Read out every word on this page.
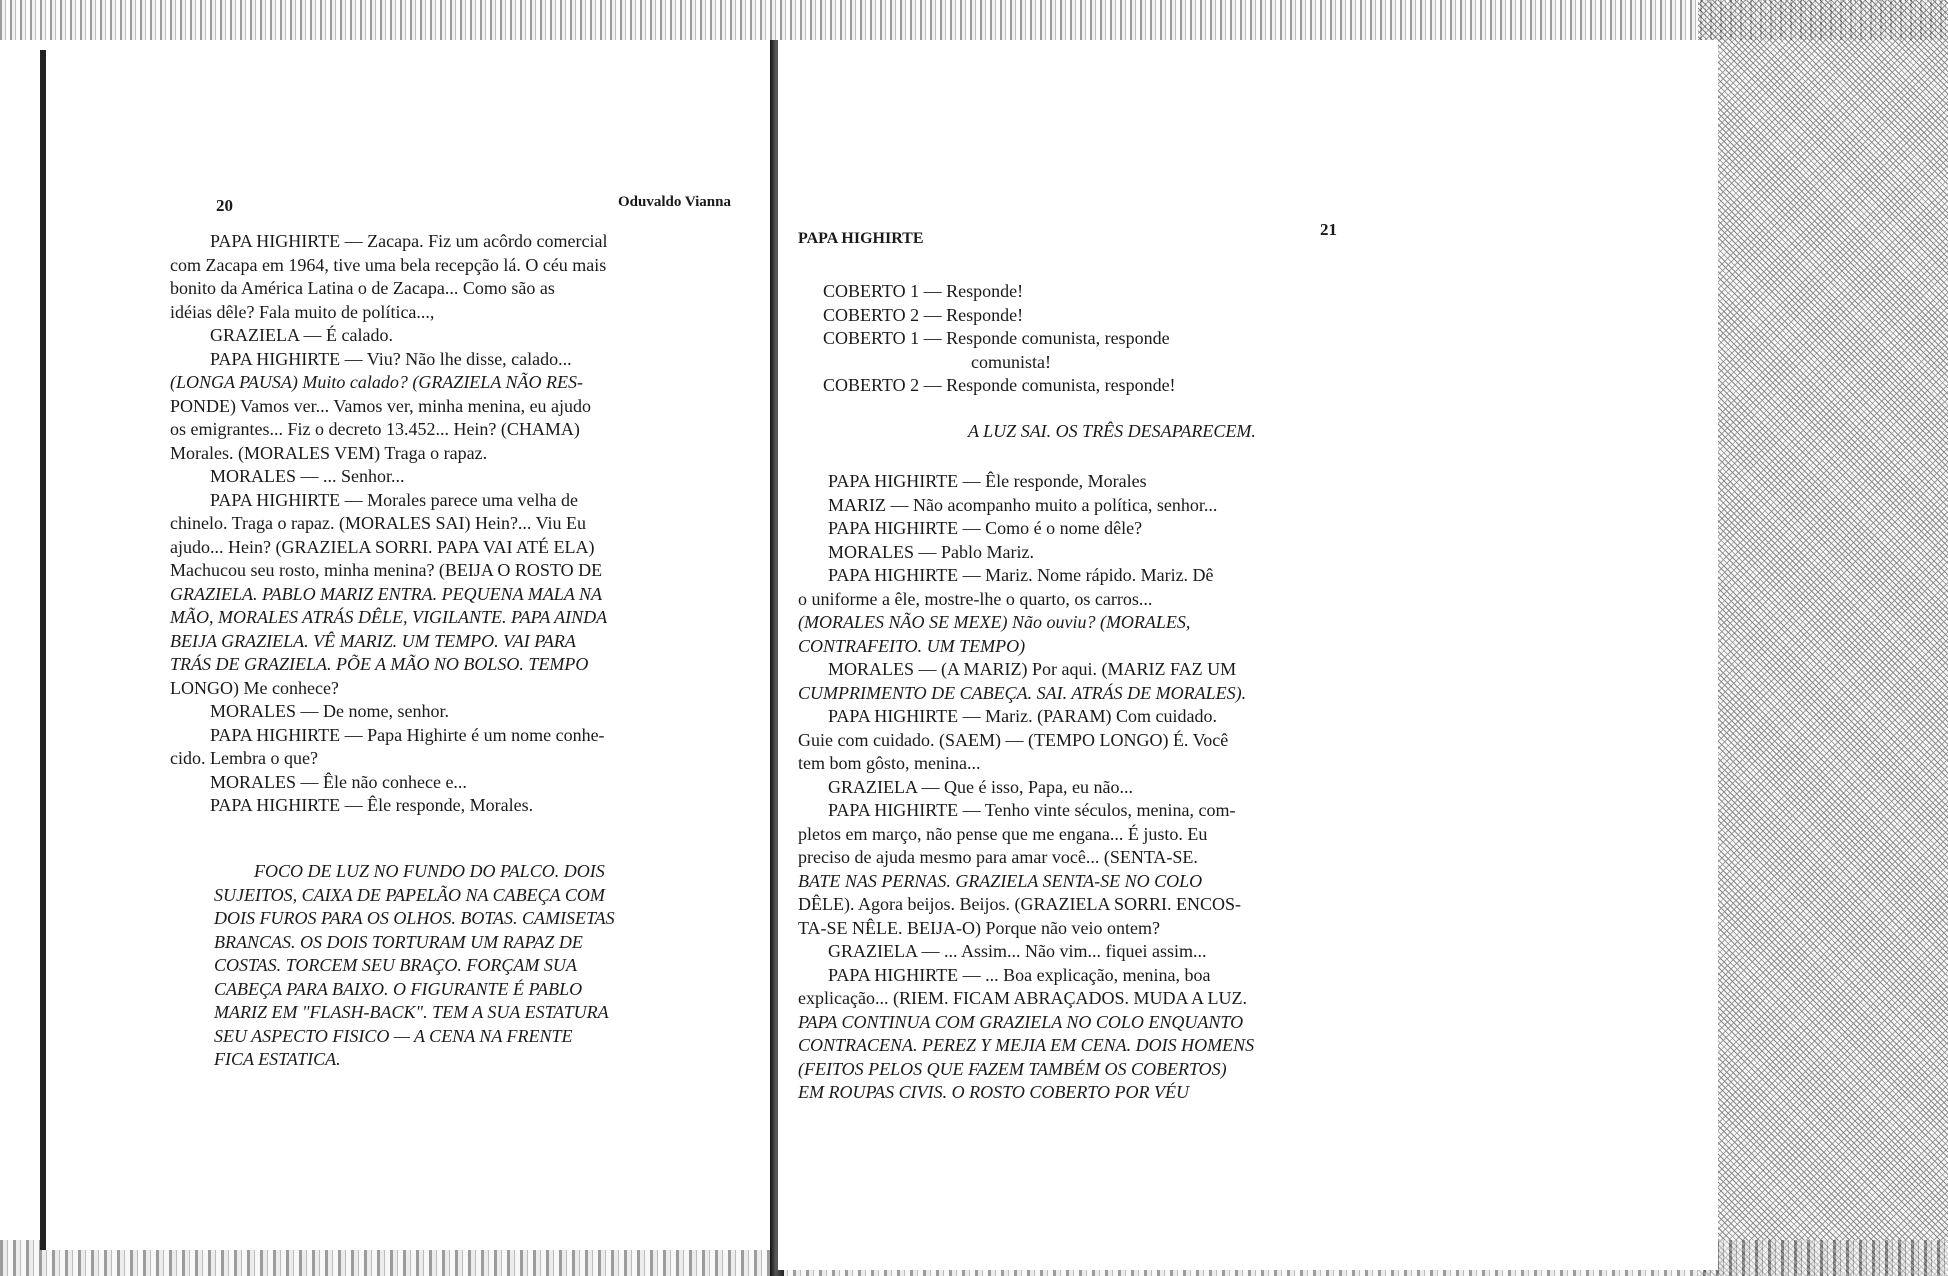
20	Oduvaldo Vianna
PAPA HIGHIRTE — Zacapa. Fiz um acôrdo comercial
com Zacapa em 1964, tive uma bela recepção lá. O céu mais
bonito da América Latina o de Zacapa... Como são as
idéias dêle? Fala muito de política...,
GRAZIELA — É calado.
PAPA HIGHIRTE — Viu? Não lhe disse, calado...
(LONGA PAUSA) Muito calado? (GRAZIELA NÃO RES-
PONDE) Vamos ver... Vamos ver, minha menina, eu ajudo
os emigrantes... Fiz o decreto 13.452... Hein? (CHAMA)
Morales. (MORALES VEM) Traga o rapaz.
MORALES — ... Senhor...
PAPA HIGHIRTE — Morales parece uma velha de
chinelo. Traga o rapaz. (MORALES SAI) Hein?... Viu Eu
ajudo... Hein? (GRAZIELA SORRI. PAPA VAI ATÉ ELA)
Machucou seu rosto, minha menina? (BEIJA O ROSTO DE
GRAZIELA. PABLO MARIZ ENTRA. PEQUENA MALA NA
MÃO, MORALES ATRÁS DÊLE, VIGILANTE. PAPA AINDA
BEIJA GRAZIELA. VÊ MARIZ. UM TEMPO. VAI PARA
TRÁS DE GRAZIELA. PÕE A MÃO NO BOLSO. TEMPO
LONGO) Me conhece?
MORALES — De nome, senhor.
PAPA HIGHIRTE — Papa Highirte é um nome conhe-
cido. Lembra o que?
MORALES — Êle não conhece e...
PAPA HIGHIRTE — Êle responde, Morales.
FOCO DE LUZ NO FUNDO DO PALCO. DOIS
SUJEITOS, CAIXA DE PAPELÃO NA CABEÇA COM
DOIS FUROS PARA OS OLHOS. BOTAS. CAMISETAS
BRANCAS. OS DOIS TORTURAM UM RAPAZ DE
COSTAS. TORCEM SEU BRAÇO. FORÇAM SUA
CABEÇA PARA BAIXO. O FIGURANTE É PABLO
MARIZ EM "FLASH-BACK". TEM A SUA ESTATURA
SEU ASPECTO FISICO — A CENA NA FRENTE
FICA ESTATICA.
PAPA HIGHIRTE	21
COBERTO 1 — Responde!
COBERTO 2 — Responde!
COBERTO 1 — Responde comunista, responde
comunista!
COBERTO 2 — Responde comunista, responde!
A LUZ SAI. OS TRÊS DESAPARECEM.
PAPA HIGHIRTE — Êle responde, Morales
MARIZ — Não acompanho muito a política, senhor...
PAPA HIGHIRTE — Como é o nome dêle?
MORALES — Pablo Mariz.
PAPA HIGHIRTE — Mariz. Nome rápido. Mariz. Dê
o uniforme a êle, mostre-lhe o quarto, os carros...
(MORALES NÃO SE MEXE) Não ouviu? (MORALES,
CONTRAFEITO. UM TEMPO)
MORALES — (A MARIZ) Por aqui. (MARIZ FAZ UM
CUMPRIMENTO DE CABEÇA. SAI. ATRÁS DE MORALES).
PAPA HIGHIRTE — Mariz. (PARAM) Com cuidado.
Guie com cuidado. (SAEM) — (TEMPO LONGO) É. Você
tem bom gôsto, menina...
GRAZIELA — Que é isso, Papa, eu não...
PAPA HIGHIRTE — Tenho vinte séculos, menina, com-
pletos em março, não pense que me engana... É justo. Eu
preciso de ajuda mesmo para amar você... (SENTA-SE.
BATE NAS PERNAS. GRAZIELA SENTA-SE NO COLO
DÊLE). Agora beijos. Beijos. (GRAZIELA SORRI. ENCOS-
TA-SE NÊLE. BEIJA-O) Porque não veio ontem?
GRAZIELA — ... Assim... Não vim... fiquei assim...
PAPA HIGHIRTE — ... Boa explicação, menina, boa
explicação... (RIEM. FICAM ABRAÇADOS. MUDA A LUZ.
PAPA CONTINUA COM GRAZIELA NO COLO ENQUANTO
CONTRACENA. PEREZ Y MEJIA EM CENA. DOIS HOMENS
(FEITOS PELOS QUE FAZEM TAMBÉM OS COBERTOS)
EM ROUPAS CIVIS. O ROSTO COBERTO POR VÉU
